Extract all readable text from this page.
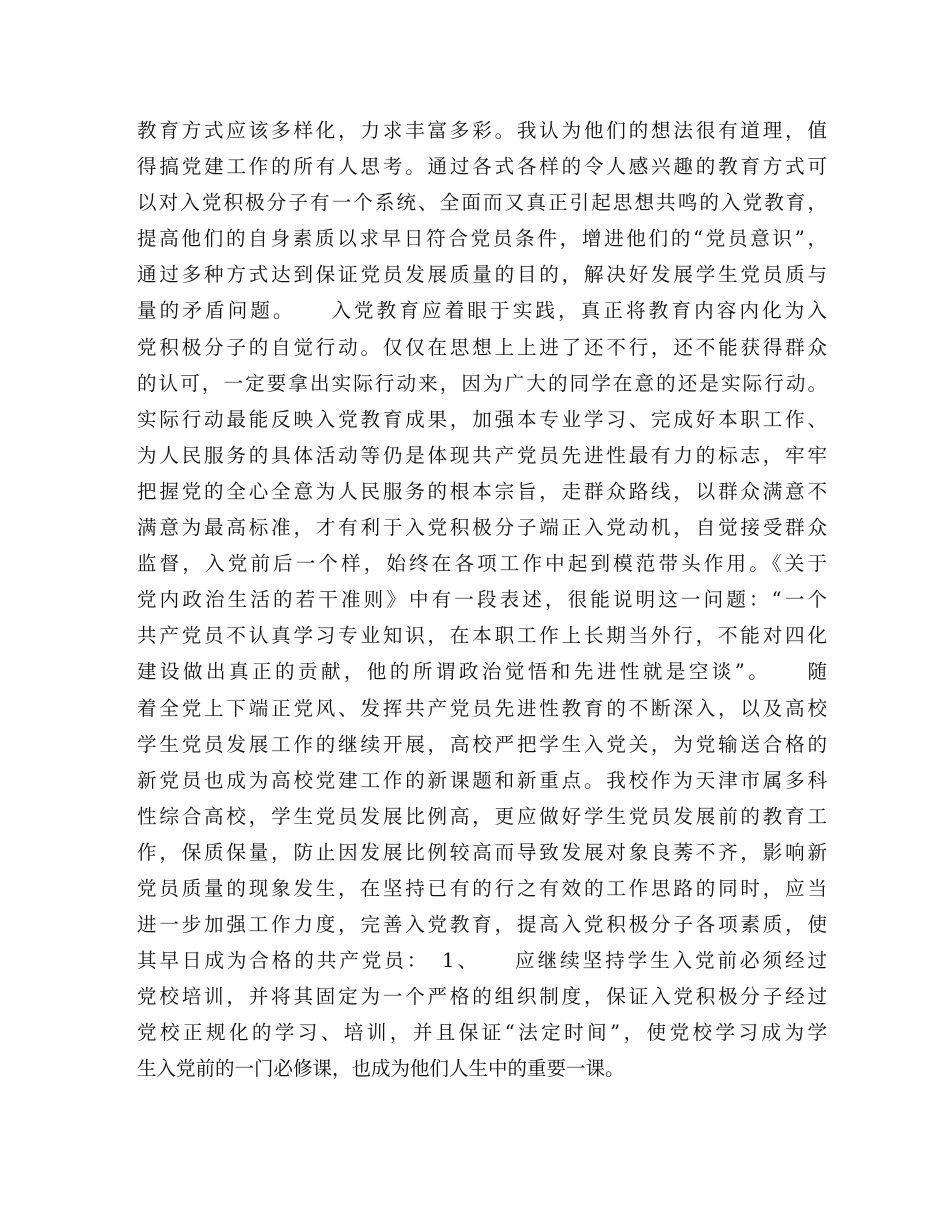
教育方式应该多样化，力求丰富多彩。我认为他们的想法很有道理，值
得搞党建工作的所有人思考。通过各式各样的令人感兴趣的教育方式可
以对入党积极分子有一个系统、全面而又真正引起思想共鸣的入党教育，
提高他们的自身素质以求早日符合党员条件，增进他们的“党员意识”，
通过多种方式达到保证党员发展质量的目的，解决好发展学生党员质与
量的矛盾问题。　　入党教育应着眼于实践，真正将教育内容内化为入
党积极分子的自觉行动。仅仅在思想上上进了还不行，还不能获得群众
的认可，一定要拿出实际行动来，因为广大的同学在意的还是实际行动。
实际行动最能反映入党教育成果，加强本专业学习、完成好本职工作、
为人民服务的具体活动等仍是体现共产党员先进性最有力的标志，牢牢
把握党的全心全意为人民服务的根本宗旨，走群众路线，以群众满意不
满意为最高标准，才有利于入党积极分子端正入党动机，自觉接受群众
监督，入党前后一个样，始终在各项工作中起到模范带头作用。《关于
党内政治生活的若干准则》中有一段表述，很能说明这一问题：“一个
共产党员不认真学习专业知识，在本职工作上长期当外行，不能对四化
建设做出真正的贡献，他的所谓政治觉悟和先进性就是空谈”。　　随
着全党上下端正党风、发挥共产党员先进性教育的不断深入，以及高校
学生党员发展工作的继续开展，高校严把学生入党关，为党输送合格的
新党员也成为高校党建工作的新课题和新重点。我校作为天津市属多科
性综合高校，学生党员发展比例高，更应做好学生党员发展前的教育工
作，保质保量，防止因发展比例较高而导致发展对象良莠不齐，影响新
党员质量的现象发生，在坚持已有的行之有效的工作思路的同时，应当
进一步加强工作力度，完善入党教育，提高入党积极分子各项素质，使
其早日成为合格的共产党员：　1、　　应继续坚持学生入党前必须经过
党校培训，并将其固定为一个严格的组织制度，保证入党积极分子经过
党校正规化的学习、培训，并且保证“法定时间”，使党校学习成为学
生入党前的一门必修课，也成为他们人生中的重要一课。
